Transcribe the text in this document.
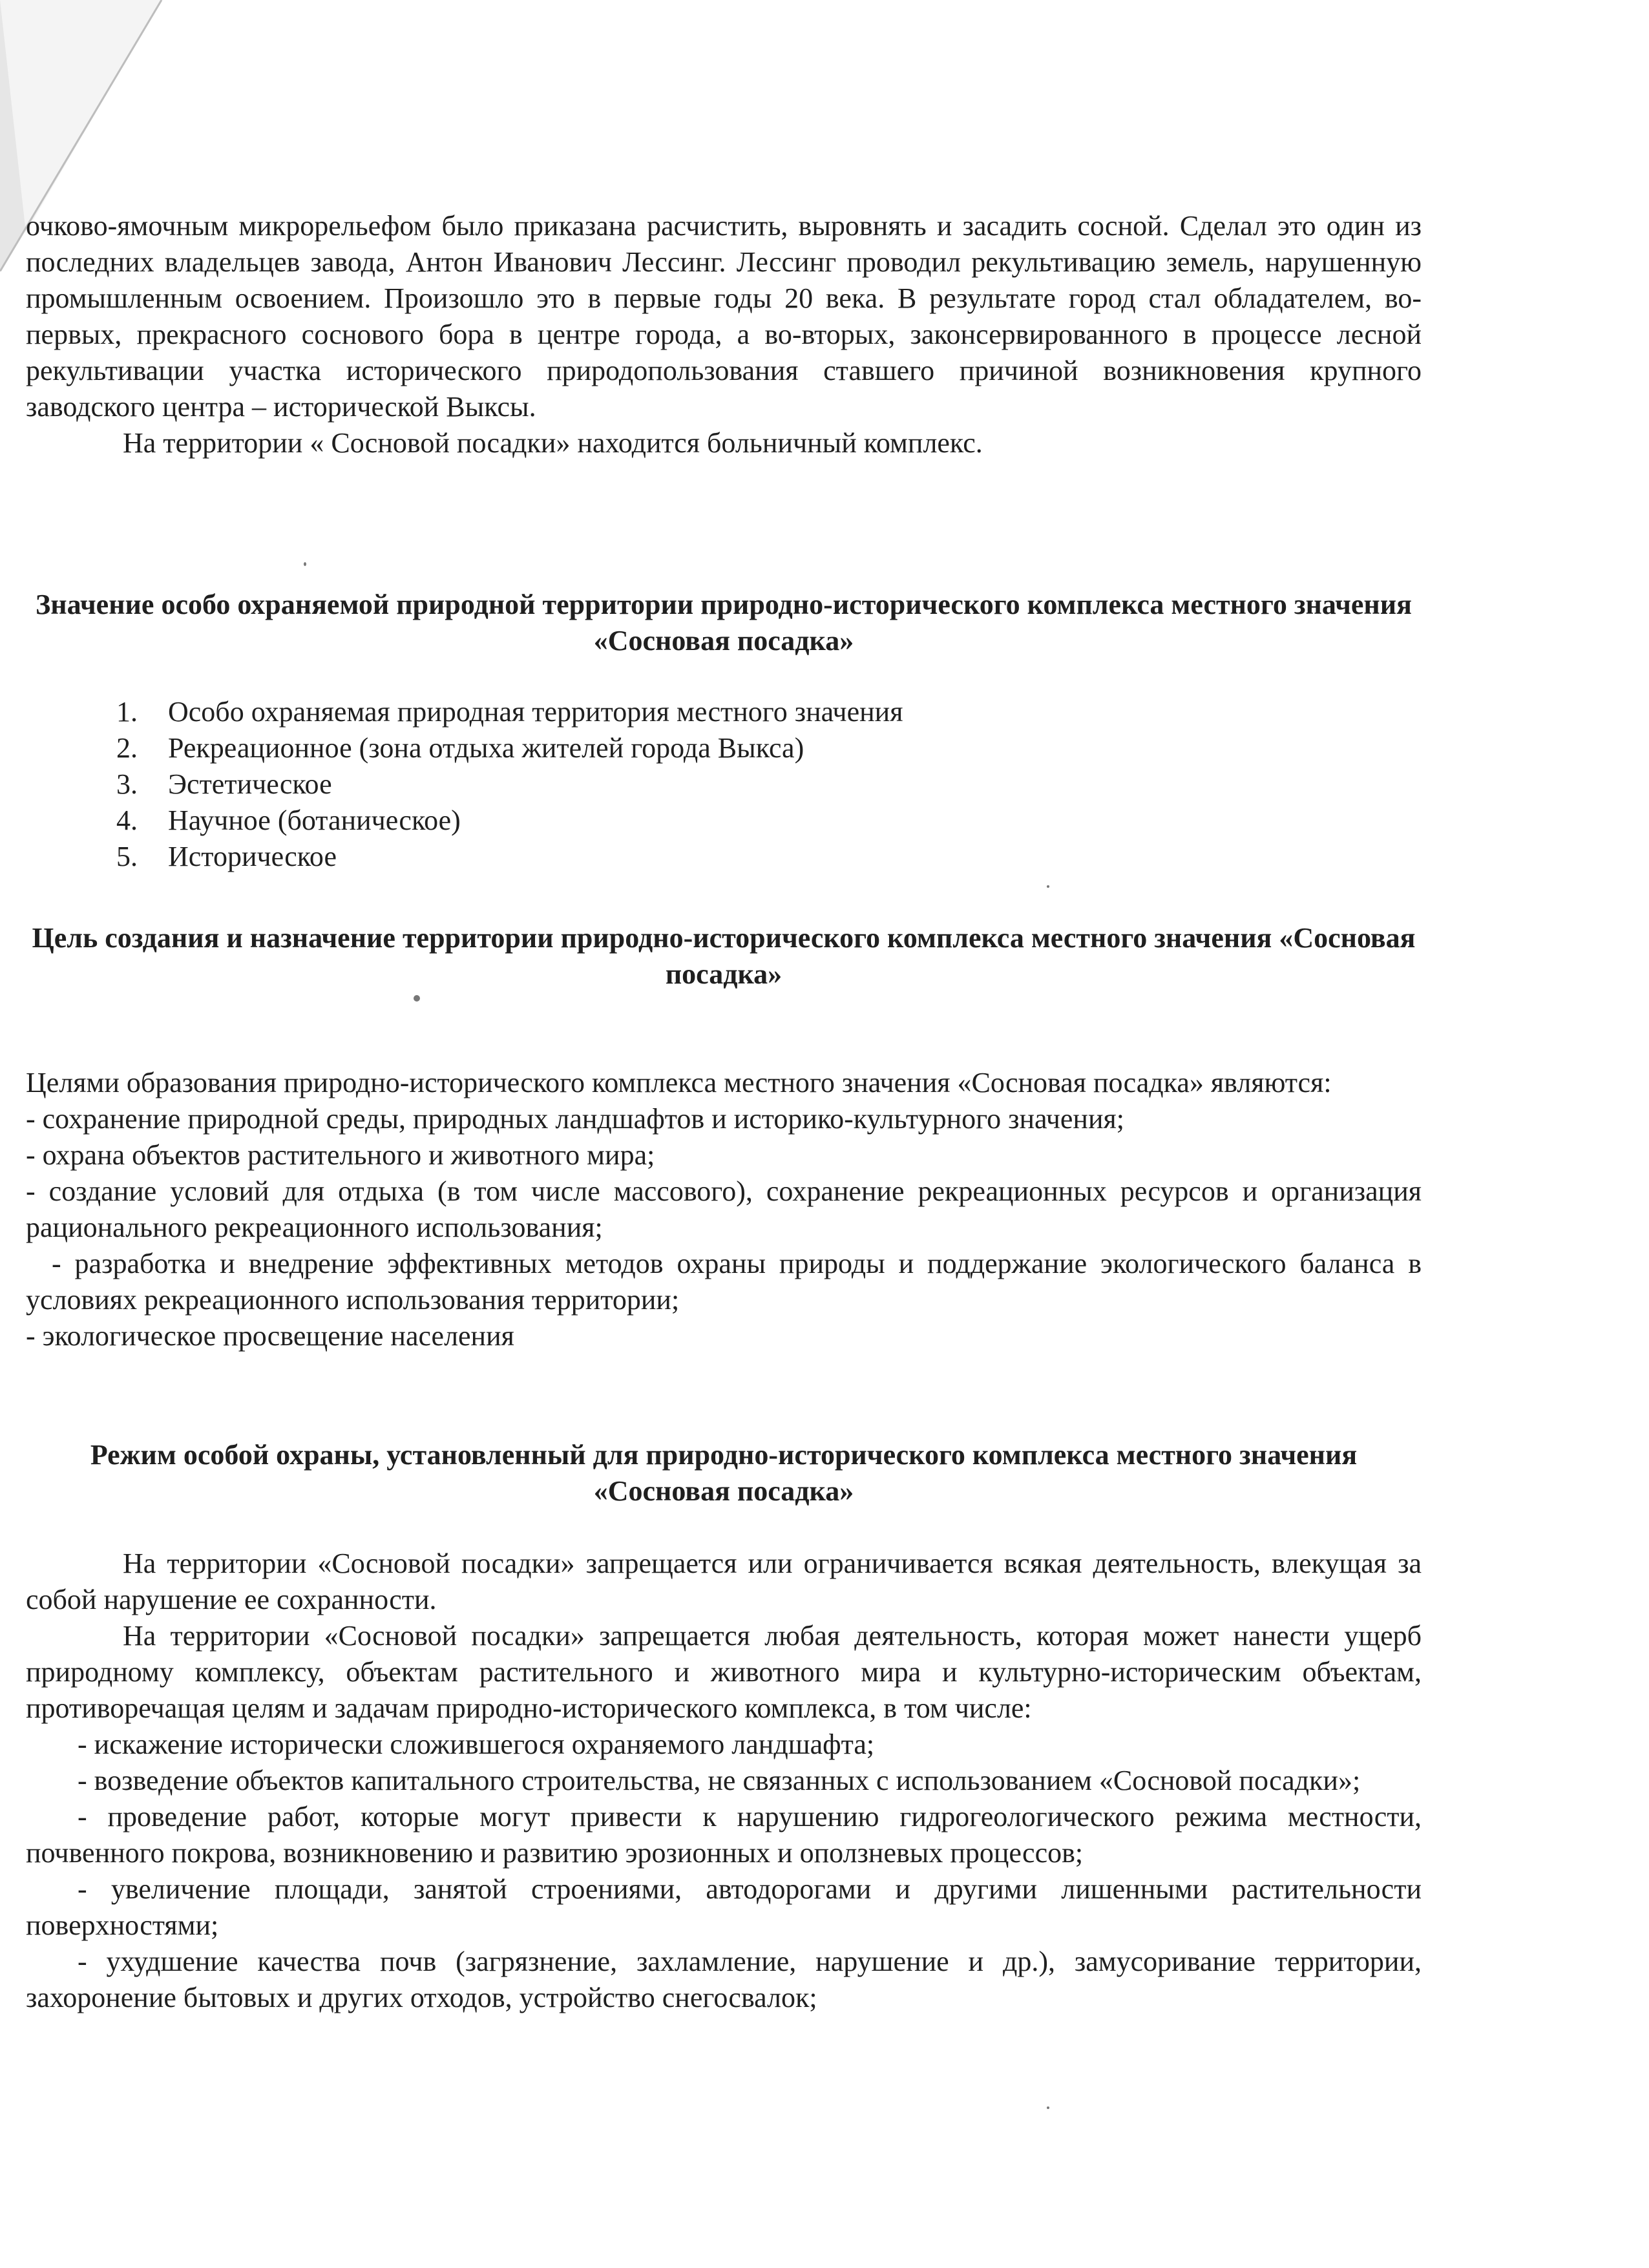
очково-ямочным микрорельефом было приказана расчистить, выровнять и засадить сосной. Сделал это один из последних владельцев завода, Антон Иванович Лессинг. Лессинг проводил рекультивацию земель, нарушенную промышленным освоением. Произошло это в первые годы 20 века. В результате город стал обладателем, во-первых, прекрасного соснового бора в центре города, а во-вторых, законсервированного в процессе лесной рекультивации участка исторического природопользования ставшего причиной возникновения крупного заводского центра – исторической Выксы.

На территории « Сосновой посадки» находится больничный комплекс.

Значение особо охраняемой природной территории природно-исторического комплекса местного значения «Сосновая посадка»
1.	Особо охраняемая природная территория местного значения
2.	Рекреационное (зона отдыха жителей города Выкса)
3.	Эстетическое
4.	Научное (ботаническое)
5.	Историческое
Цель создания и назначение территории природно-исторического комплекса местного значения «Сосновая посадка»

Целями образования природно-исторического комплекса местного значения «Сосновая посадка» являются:

- сохранение природной среды, природных ландшафтов и историко-культурного значения;

- охрана объектов растительного и животного мира;

- создание условий для отдыха (в том числе массового), сохранение рекреационных ресурсов и организация рационального рекреационного использования;

- разработка и внедрение эффективных методов охраны природы и поддержание экологического баланса в условиях рекреационного использования территории;

- экологическое просвещение населения

Режим особой охраны, установленный для природно-исторического комплекса местного значения «Сосновая посадка»

На территории «Сосновой посадки» запрещается или ограничивается всякая деятельность, влекущая за собой нарушение ее сохранности.

На территории «Сосновой посадки» запрещается любая деятельность, которая может нанести ущерб природному комплексу, объектам растительного и животного мира и культурно-историческим объектам, противоречащая целям и задачам природно-исторического комплекса, в том числе:

- искажение исторически сложившегося охраняемого ландшафта;

- возведение объектов капитального строительства, не связанных с использованием «Сосновой посадки»;

- проведение работ, которые могут привести к нарушению гидрогеологического режима местности, почвенного покрова, возникновению и развитию эрозионных и оползневых процессов;

- увеличение площади, занятой строениями, автодорогами и другими лишенными растительности поверхностями;

- ухудшение качества почв (загрязнение, захламление, нарушение и др.), замусоривание территории, захоронение бытовых и других отходов, устройство снегосвалок;
